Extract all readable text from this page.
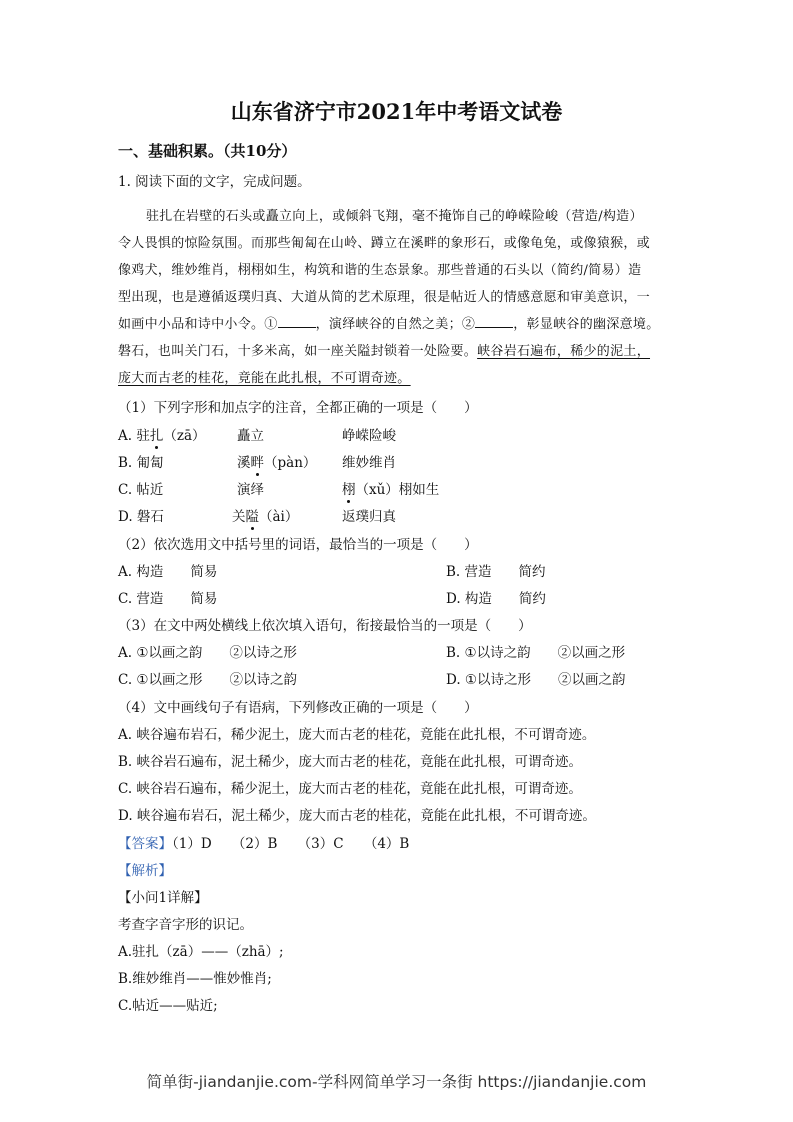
山东省济宁市2021年中考语文试卷
一、基础积累。（共10分）
1. 阅读下面的文字，完成问题。
驻扎在岩壁的石头或矗立向上，或倾斜飞翔，毫不掩饰自己的峥嵘险峻（营造/构造）
令人畏惧的惊险氛围。而那些匍匐在山岭、蹲立在溪畔的象形石，或像龟兔，或像猿猴，或
像鸡犬，维妙维肖，栩栩如生，构筑和谐的生态景象。那些普通的石头以（简约/简易）造
型出现，也是遵循返璞归真、大道从简的艺术原理，很是帖近人的情感意愿和审美意识，一
如画中小品和诗中小令。①	，演绎峡谷的自然之美；②	，彰显峡谷的幽深意境。
磐石，也叫关门石，十多米高，如一座关隘封锁着一处险要。峡谷岩石遍布，稀少的泥土，
庞大而古老的桂花，竟能在此扎根，不可谓奇迹。
（1）下列字形和加点字的注音，全都正确的一项是（　　）
A. 驻扎（zā） 矗立	峥嵘险峻
B. 匍匐	溪畔（pàn） 维妙维肖
C. 帖近	演绎	栩（xǔ）栩如生
D. 磐石	关隘（ài）	返璞归真
（2）依次选用文中括号里的词语，最恰当的一项是（　　）
A. 构造　　简易	B. 营造　　简约
C. 营造　　简易	D. 构造　　简约
（3）在文中两处横线上依次填入语句，衔接最恰当的一项是（　　）
A. ①以画之韵　　②以诗之形	B. ①以诗之韵　　②以画之形
C. ①以画之形　　②以诗之韵	D. ①以诗之形　　②以画之韵
（4）文中画线句子有语病，下列修改正确的一项是（　　）
A. 峡谷遍布岩石，稀少泥土，庞大而古老的桂花，竟能在此扎根，不可谓奇迹。
B. 峡谷岩石遍布，泥土稀少，庞大而古老的桂花，竟能在此扎根，可谓奇迹。
C. 峡谷岩石遍布，稀少泥土，庞大而古老的桂花，竟能在此扎根，可谓奇迹。
D. 峡谷遍布岩石，泥土稀少，庞大而古老的桂花，竟能在此扎根，不可谓奇迹。
【答案】（1）D　　（2）B　　（3）C　　（4）B
【解析】
【小问1详解】
考查字音字形的识记。
A.驻扎（zā）——（zhā）;
B.维妙维肖——惟妙惟肖;
C.帖近——贴近;
简单街-jiandanjie.com-学科网简单学习一条街 https://jiandanjie.com
